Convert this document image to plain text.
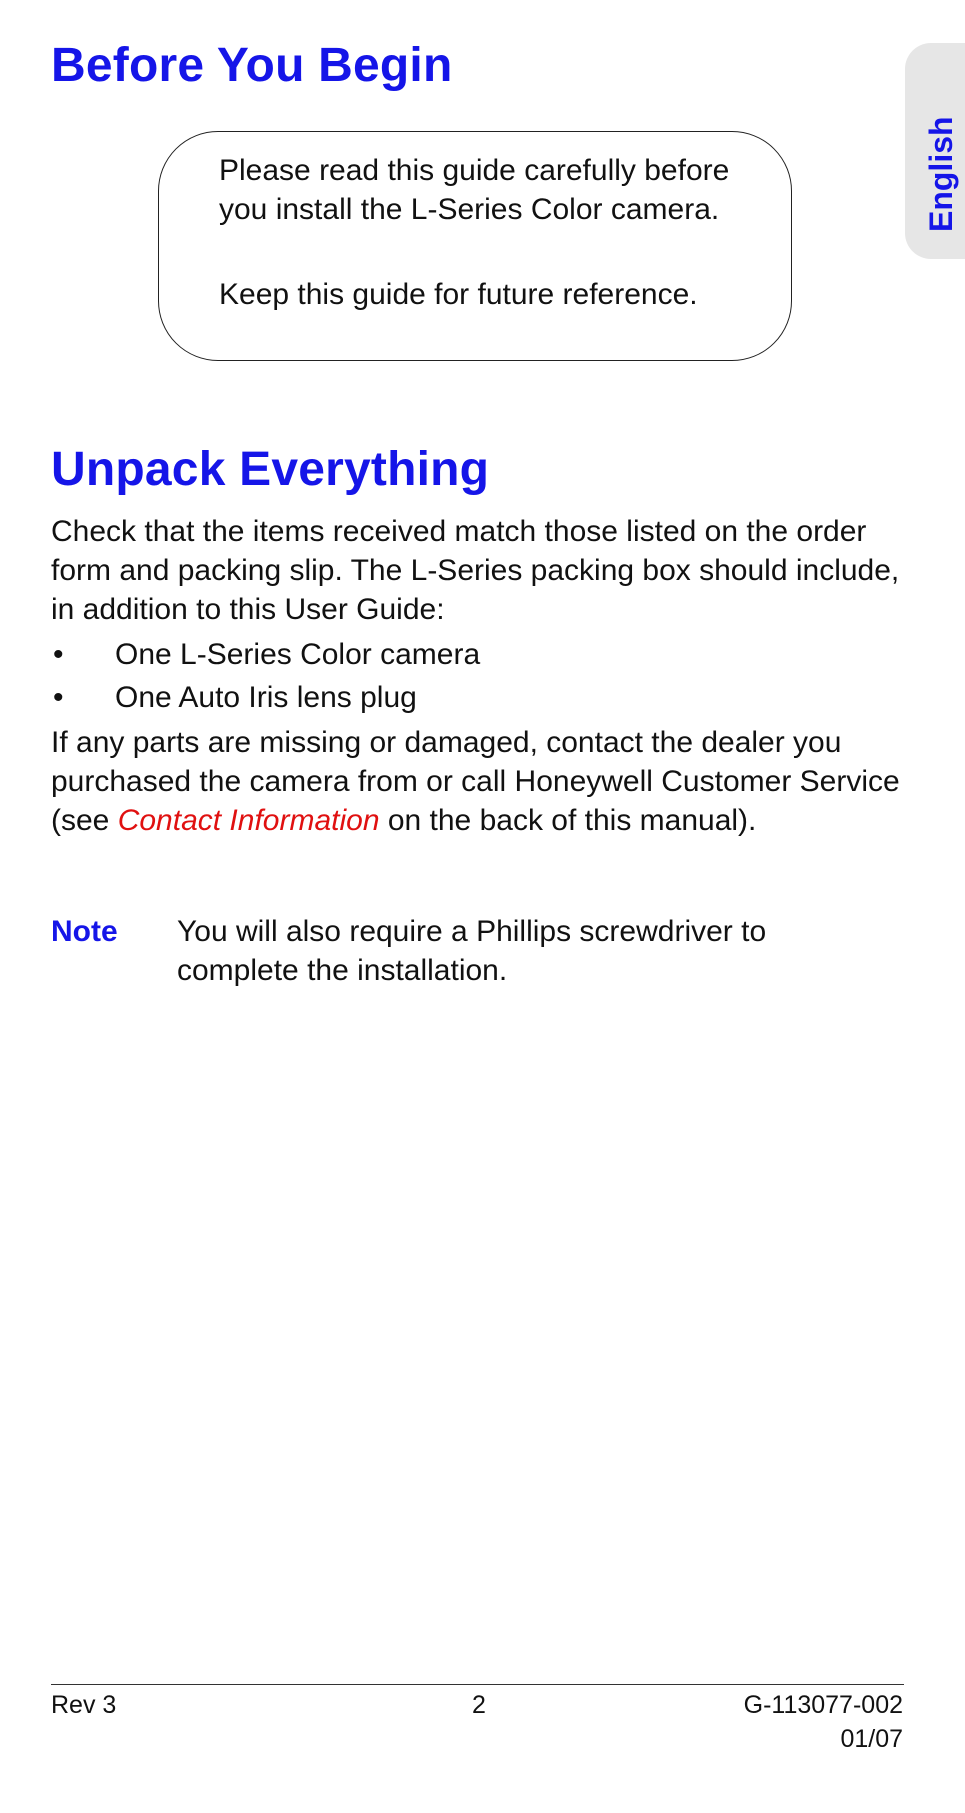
Before You Begin
English

Please read this guide carefully before you install the L-Series Color camera.

Keep this guide for future reference.

Unpack Everything

Check that the items received match those listed on the order form and packing slip. The L-Series packing box should include, in addition to this User Guide:

• One L-Series Color camera
• One Auto Iris lens plug

If any parts are missing or damaged, contact the dealer you purchased the camera from or call Honeywell Customer Service (see Contact Information on the back of this manual).

Note You will also require a Phillips screwdriver to complete the installation.

Rev 3	2	G-113077-002
01/07
